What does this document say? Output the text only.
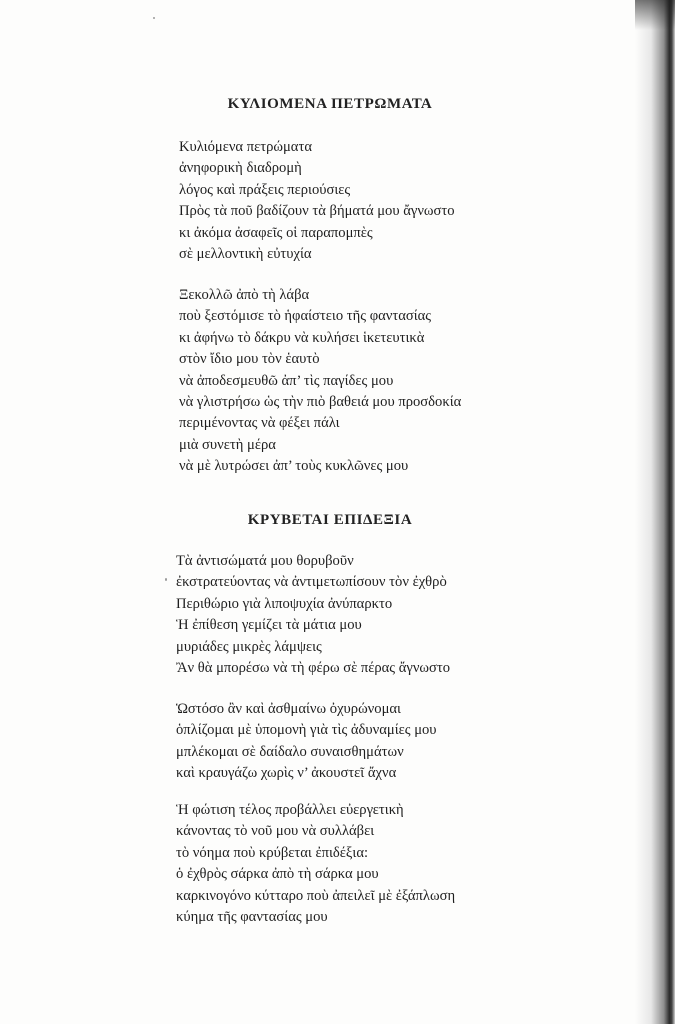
ΚΥΛΙΟΜΕΝΑ ΠΕΤΡΩΜΑΤΑ
Κυλιόμενα πετρώματα
ἀνηφορικὴ διαδρομὴ
λόγος καὶ πράξεις περιούσιες
Πρὸς τὰ ποῦ βαδίζουν τὰ βήματά μου ἄγνωστο
κι ἀκόμα ἀσαφεῖς οἱ παραπομπὲς
σὲ μελλοντικὴ εὐτυχία
Ξεκολλῶ ἀπὸ τὴ λάβα
ποὺ ξεστόμισε τὸ ἡφαίστειο τῆς φαντασίας
κι ἀφήνω τὸ δάκρυ νὰ κυλήσει ἱκετευτικὰ
στὸν ἴδιο μου τὸν ἑαυτὸ
νὰ ἀποδεσμευθῶ ἀπ’ τὶς παγίδες μου
νὰ γλιστρήσω ὡς τὴν πιὸ βαθειά μου προσδοκία
περιμένοντας νὰ φέξει πάλι
μιὰ συνετὴ μέρα
νὰ μὲ λυτρώσει ἀπ’ τοὺς κυκλῶνες μου
ΚΡΥΒΕΤΑΙ ΕΠΙΔΕΞΙΑ
Τὰ ἀντισώματά μου θορυβοῦν
ἐκστρατεύοντας νὰ ἀντιμετωπίσουν τὸν ἐχθρὸ
Περιθώριο γιὰ λιποψυχία ἀνύπαρκτο
Ἡ ἐπίθεση γεμίζει τὰ μάτια μου
μυριάδες μικρὲς λάμψεις
Ἂν θὰ μπορέσω νὰ τὴ φέρω σὲ πέρας ἄγνωστο
Ὡστόσο ἂν καὶ ἀσθμαίνω ὀχυρώνομαι
ὁπλίζομαι μὲ ὑπομονὴ γιὰ τὶς ἀδυναμίες μου
μπλέκομαι σὲ δαίδαλο συναισθημάτων
καὶ κραυγάζω χωρὶς ν’ ἀκουστεῖ ἄχνα
Ἡ φώτιση τέλος προβάλλει εὐεργετικὴ
κάνοντας τὸ νοῦ μου νὰ συλλάβει
τὸ νόημα ποὺ κρύβεται ἐπιδέξια:
ὁ ἐχθρὸς σάρκα ἀπὸ τὴ σάρκα μου
καρκινογόνο κύτταρο ποὺ ἀπειλεῖ μὲ ἐξάπλωση
κύημα τῆς φαντασίας μου
